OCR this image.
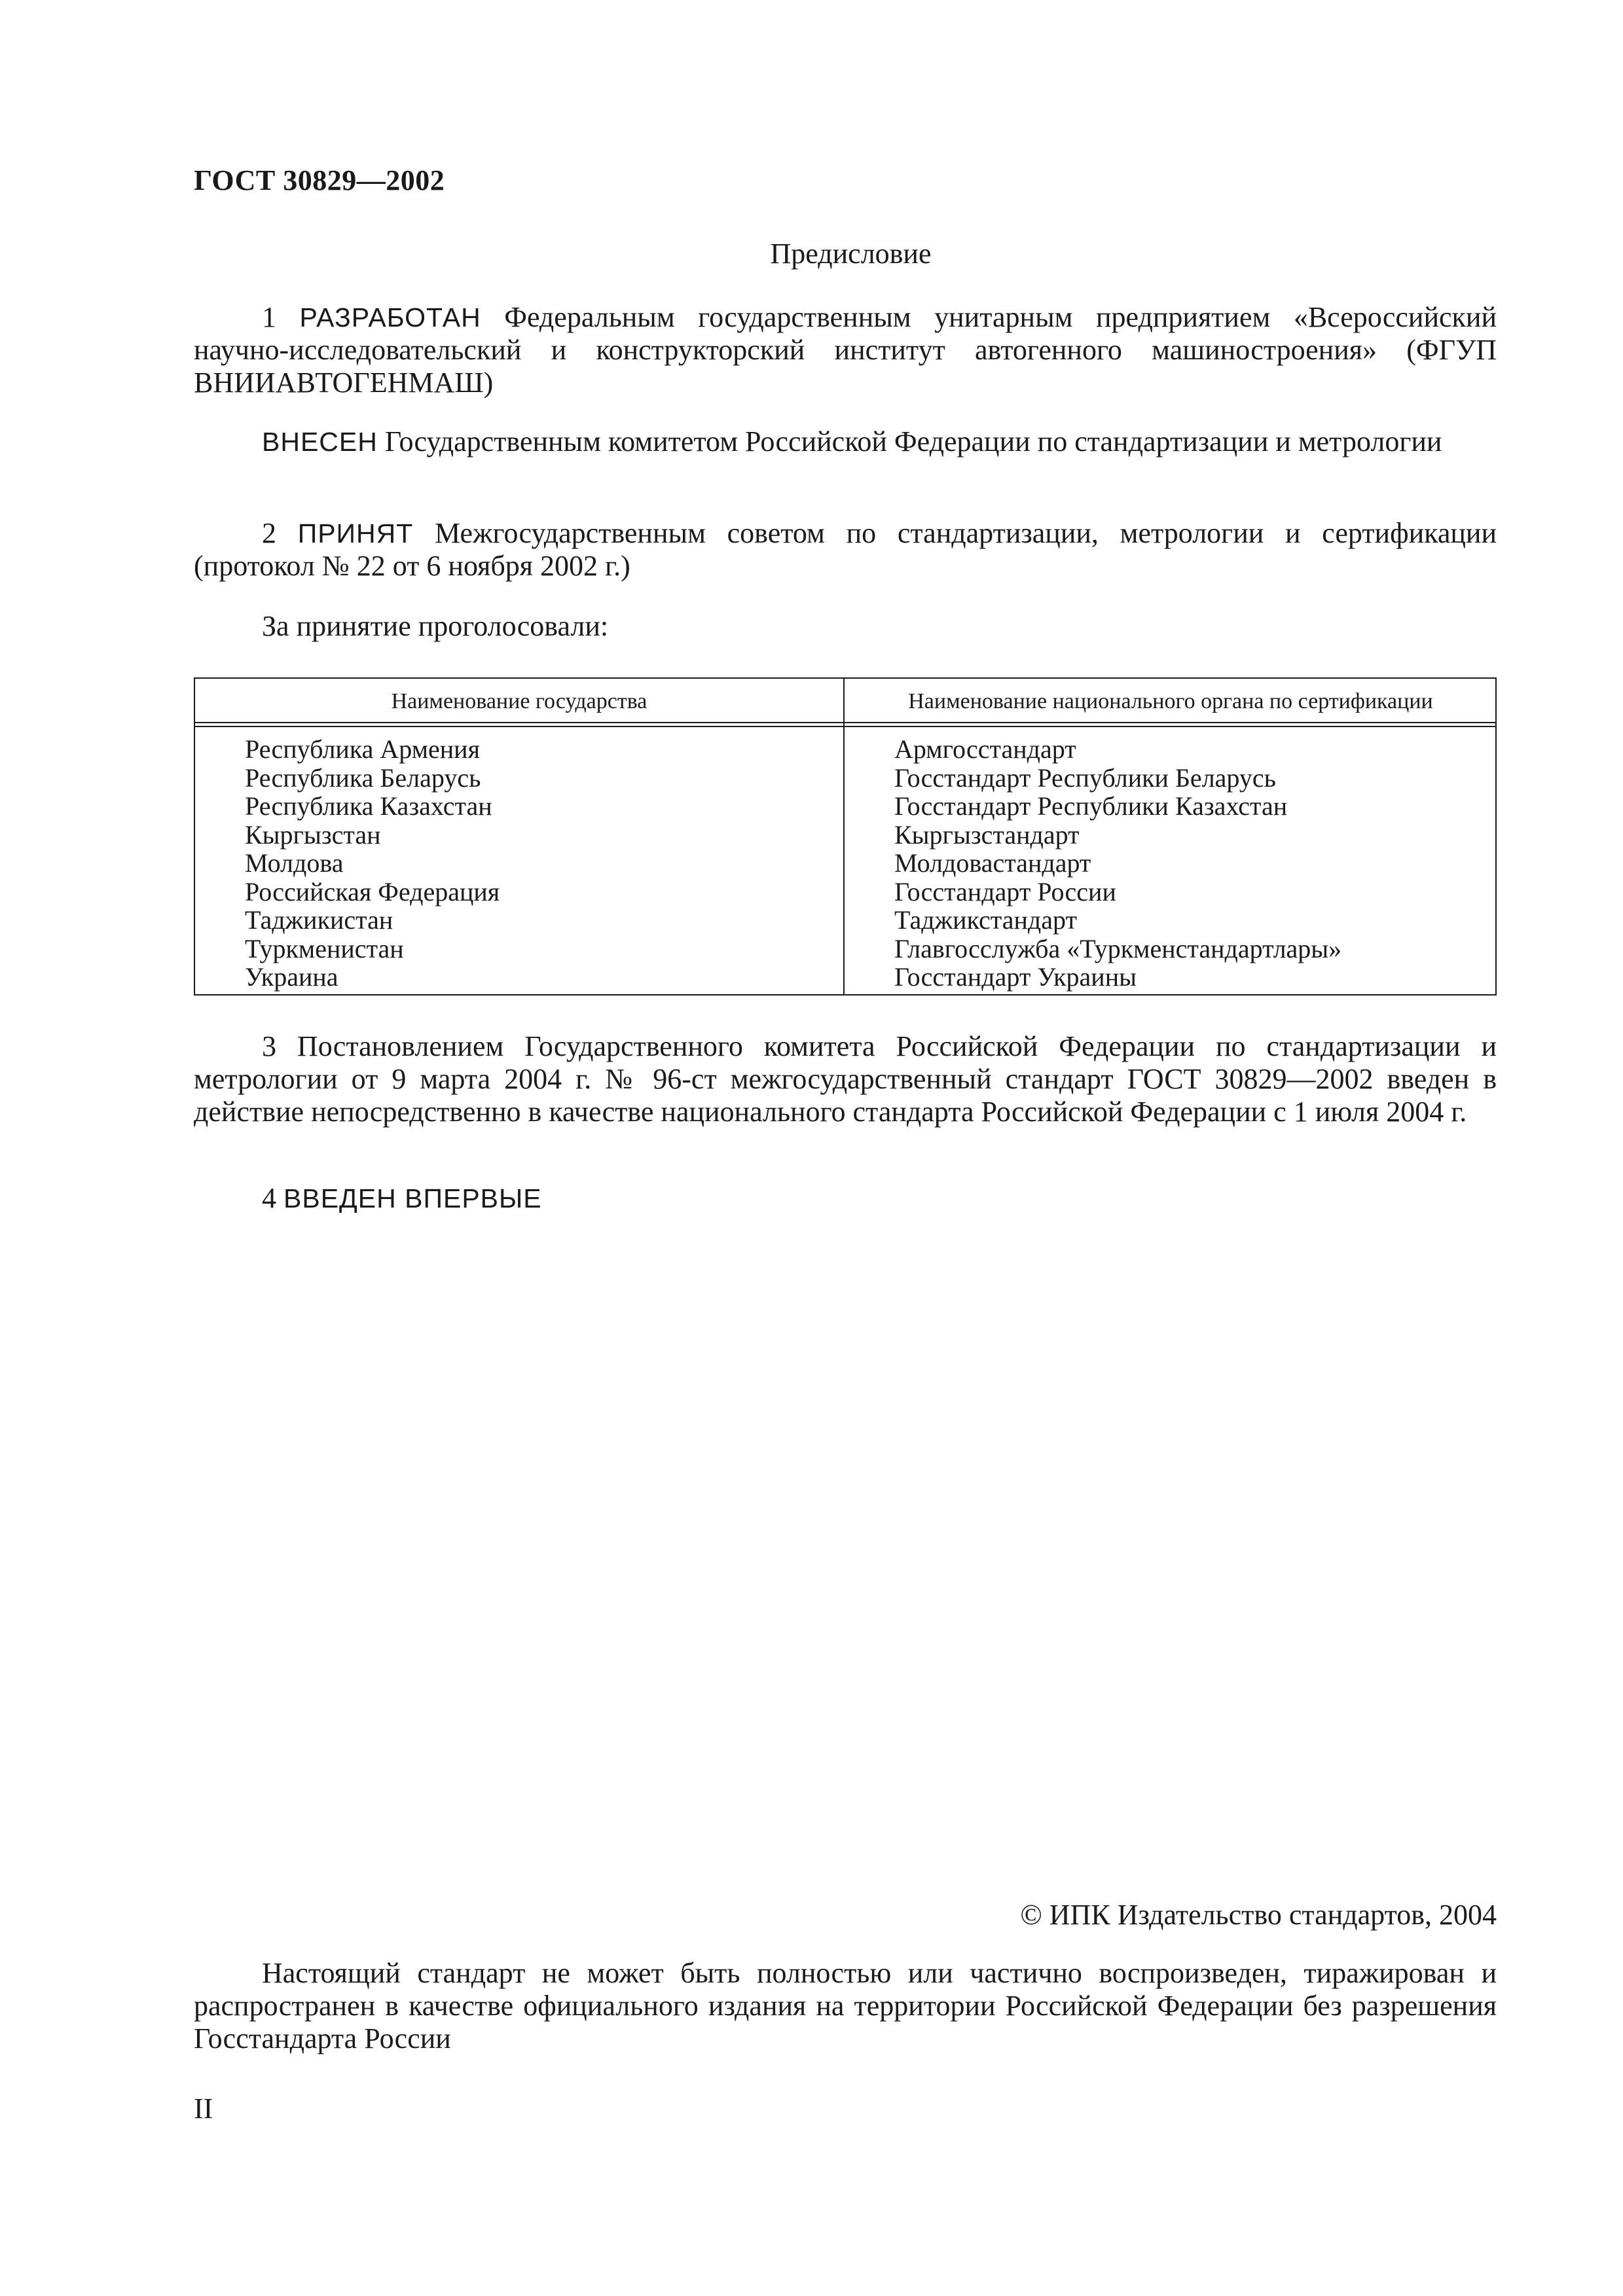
ГОСТ 30829—2002
Предисловие
1 РАЗРАБОТАН Федеральным государственным унитарным предприятием «Всероссийский научно-исследовательский и конструкторский институт автогенного машиностроения» (ФГУП ВНИИАВТОГЕНМАШ)
ВНЕСЕН Государственным комитетом Российской Федерации по стандартизации и метрологии
2 ПРИНЯТ Межгосударственным советом по стандартизации, метрологии и сертификации (протокол № 22 от 6 ноября 2002 г.)
За принятие проголосовали:
Наименование государства	Наименование национального органа по сертификации
Республика Армения
Республика Беларусь
Республика Казахстан
Кыргызстан
Молдова
Российская Федерация
Таджикистан
Туркменистан
Украина
Армгосстандарт
Госстандарт Республики Беларусь
Госстандарт Республики Казахстан
Кыргызстандарт
Молдовастандарт
Госстандарт России
Таджикстандарт
Главгосслужба «Туркменстандартлары»
Госстандарт Украины
3 Постановлением Государственного комитета Российской Федерации по стандартизации и метрологии от 9 марта 2004 г. № 96-ст межгосударственный стандарт ГОСТ 30829—2002 введен в действие непосредственно в качестве национального стандарта Российской Федерации с 1 июля 2004 г.
4 ВВЕДЕН ВПЕРВЫЕ
© ИПК Издательство стандартов, 2004
Настоящий стандарт не может быть полностью или частично воспроизведен, тиражирован и распространен в качестве официального издания на территории Российской Федерации без разрешения Госстандарта России
II
